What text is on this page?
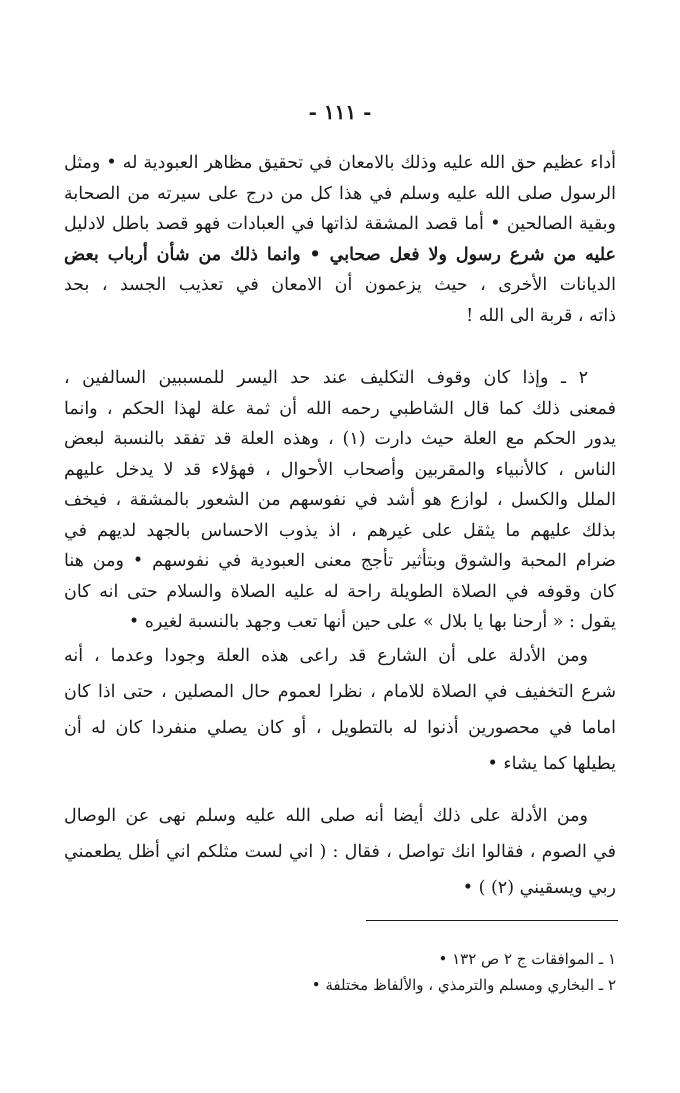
- ١١١ -
أداء عظيم حق الله عليه وذلك بالامعان في تحقيق مظاهر العبودية له • ومثل
الرسول صلى الله عليه وسلم في هذا كل من درج على سيرته من الصحابة
وبقية الصالحين • أما قصد المشقة لذاتها في العبادات فهو قصد باطل لادليل
عليه من شرع رسول ولا فعل صحابي • وانما ذلك من شأن أرباب بعض
الديانات الأخرى ، حيث يزعمون أن الامعان في تعذيب الجسد ، بحد
ذاته ، قربة الى الله !
٢ ـ وإذا كان وقوف التكليف عند حد اليسر للمسببين السالفين ،
فمعنى ذلك كما قال الشاطبي رحمه الله أن ثمة علة لهذا الحكم ، وانما
يدور الحكم مع العلة حيث دارت (١) ، وهذه العلة قد تفقد بالنسبة لبعض
الناس ، كالأنبياء والمقربين وأصحاب الأحوال ، فهؤلاء قد لا يدخل عليهم
الملل والكسل ، لوازع هو أشد في نفوسهم من الشعور بالمشقة ، فيخف
بذلك عليهم ما يثقل على غيرهم ، اذ يذوب الاحساس بالجهد لديهم في
ضرام المحبة والشوق وبتأثير تأجج معنى العبودية في نفوسهم • ومن هنا
كان وقوفه في الصلاة الطويلة راحة له عليه الصلاة والسلام حتى انه كان
يقول : « أرحنا بها يا بلال » على حين أنها تعب وجهد بالنسبة لغيره •
ومن الأدلة على أن الشارع قد راعى هذه العلة وجودا وعدما ، أنه
شرع التخفيف في الصلاة للامام ، نظرا لعموم حال المصلين ، حتى اذا كان
اماما في محصورين أذنوا له بالتطويل ، أو كان يصلي منفردا كان له أن
يطيلها كما يشاء •
ومن الأدلة على ذلك أيضا أنه صلى الله عليه وسلم نهى عن الوصال
في الصوم ، فقالوا انك تواصل ، فقال : ( اني لست مثلكم اني أظل يطعمني
ربي ويسقيني (٢) ) •
١ ـ الموافقات ج ٢ ص ١٣٢ •
٢ ـ البخاري ومسلم والترمذي ، والألفاظ مختلفة •
